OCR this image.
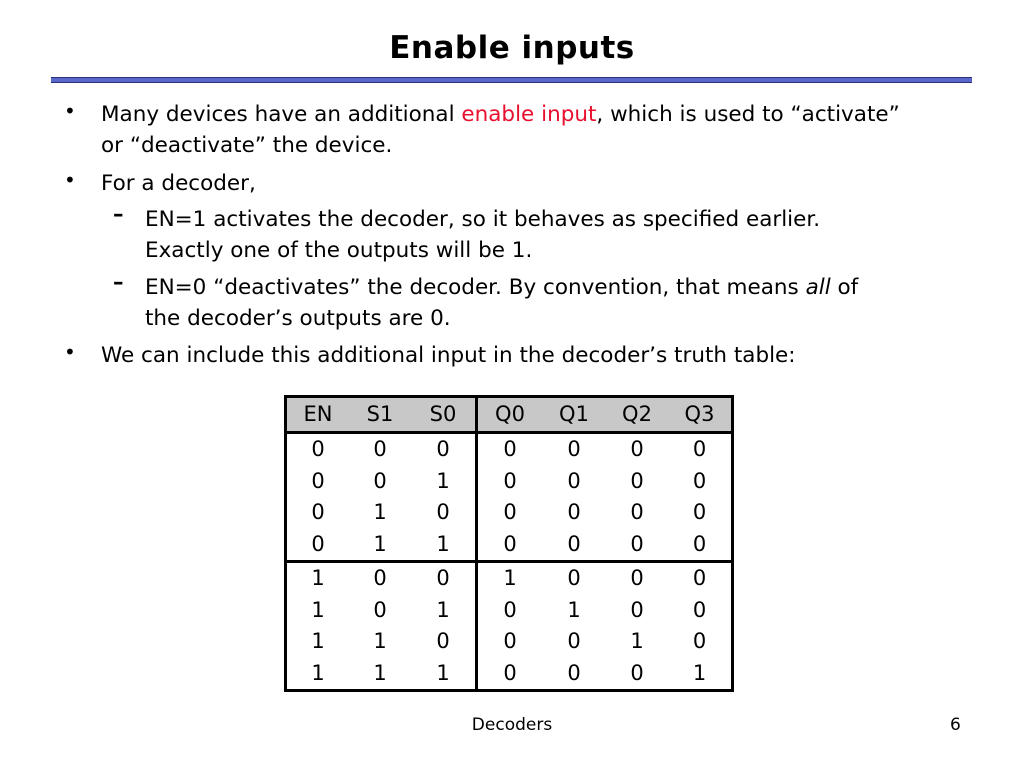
Enable inputs
• Many devices have an additional enable input, which is used to “activate”
or “deactivate” the device.
• For a decoder,
– EN=1 activates the decoder, so it behaves as specified earlier.
Exactly one of the outputs will be 1.
– EN=0 “deactivates” the decoder. By convention, that means all of
the decoder’s outputs are 0.
• We can include this additional input in the decoder’s truth table:
EN	S1	S0	Q0	Q1	Q2	Q3
0	0	0	0	0	0	0
0	0	1	0	0	0	0
0	1	0	0	0	0	0
0	1	1	0	0	0	0
1	0	0	1	0	0	0
1	0	1	0	1	0	0
1	1	0	0	0	1	0
1	1	1	0	0	0	1
Decoders	6
